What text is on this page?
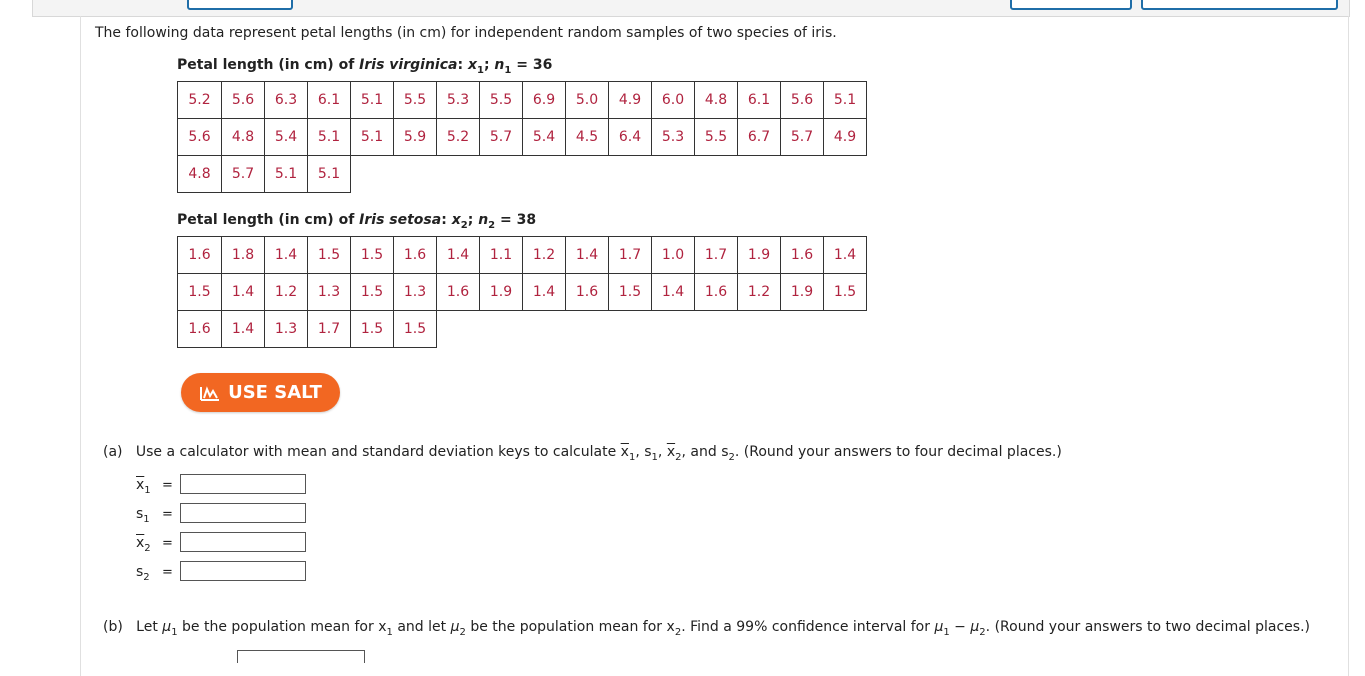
The following data represent petal lengths (in cm) for independent random samples of two species of iris.
Petal length (in cm) of Iris virginica: $x_1$; $n_1 = 36$
5.2	5.6	6.3	6.1	5.1	5.5	5.3	5.5	6.9	5.0	4.9	6.0	4.8	6.1	5.6	5.1
5.6	4.8	5.4	5.1	5.1	5.9	5.2	5.7	5.4	4.5	6.4	5.3	5.5	6.7	5.7	4.9
4.8	5.7	5.1	5.1												
Petal length (in cm) of Iris setosa: $x_2$; $n_2 = 38$
1.6	1.8	1.4	1.5	1.5	1.6	1.4	1.1	1.2	1.4	1.7	1.0	1.7	1.9	1.6	1.4
1.5	1.4	1.2	1.3	1.5	1.3	1.6	1.9	1.4	1.6	1.5	1.4	1.6	1.2	1.9	1.5
1.6	1.4	1.3	1.7	1.5	1.5										
USE SALT
(a) Use a calculator with mean and standard deviation keys to calculate $\overline{x}_1$, $s_1$, $\overline{x}_2$, and $s_2$. (Round your answers to four decimal places.)
$\overline{x}_1$ =
$s_1$ =
$\overline{x}_2$ =
$s_2$ =
(b) Let $\mu_1$ be the population mean for $x_1$ and let $\mu_2$ be the population mean for $x_2$. Find a 99% confidence interval for $\mu_1 - \mu_2$. (Round your answers to two decimal places.)
